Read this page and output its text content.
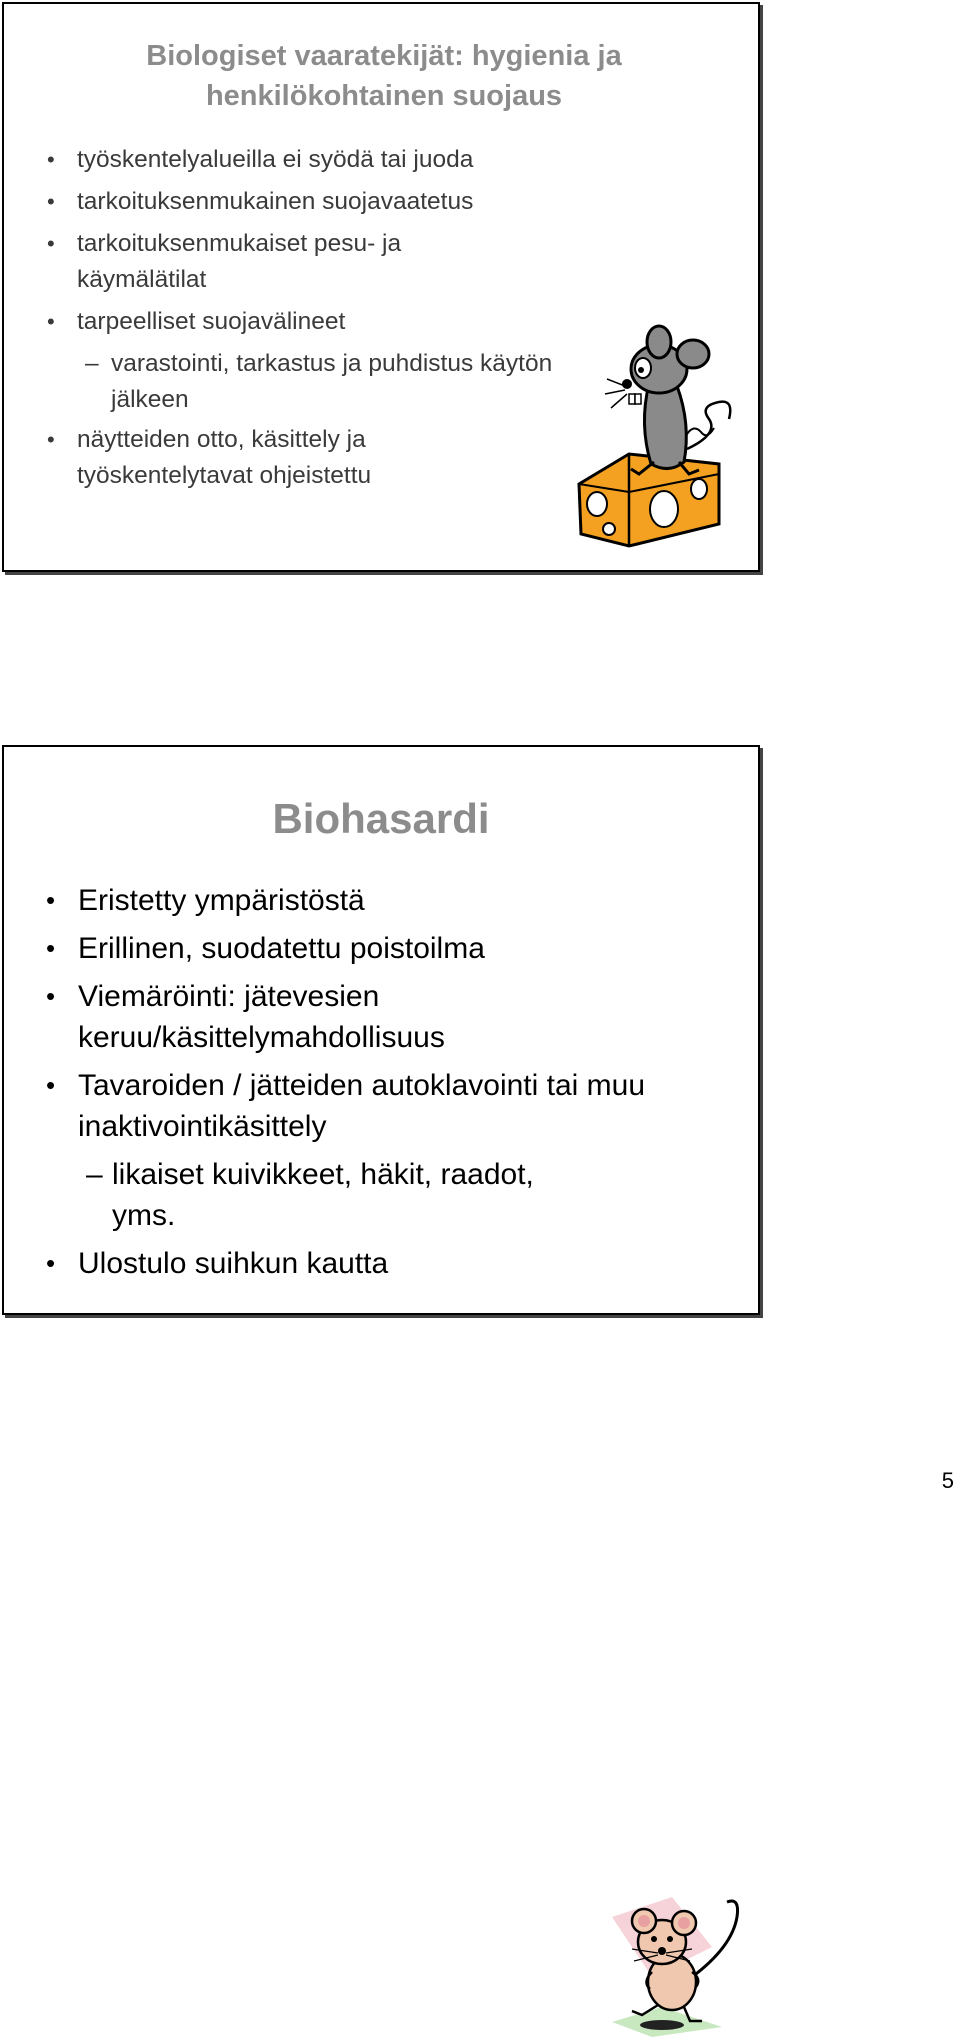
Biologiset vaaratekijät: hygienia ja
henkilökohtainen suojaus
• työskentelyalueilla ei syödä tai juoda
• tarkoituksenmukainen suojavaatetus
• tarkoituksenmukaiset pesu- ja käymälätilat
• tarpeelliset suojavälineet
– varastointi, tarkastus ja puhdistus käytön jälkeen
• näytteiden otto, käsittely ja työskentelytavat ohjeistettu
Biohasardi
• Eristetty ympäristöstä
• Erillinen, suodatettu poistoilma
• Viemäröinti: jätevesien keruu/käsittelymahdollisuus
• Tavaroiden / jätteiden autoklavointi tai muu inaktivointikäsittely
– likaiset kuivikkeet, häkit, raadot, yms.
• Ulostulo suihkun kautta
5
